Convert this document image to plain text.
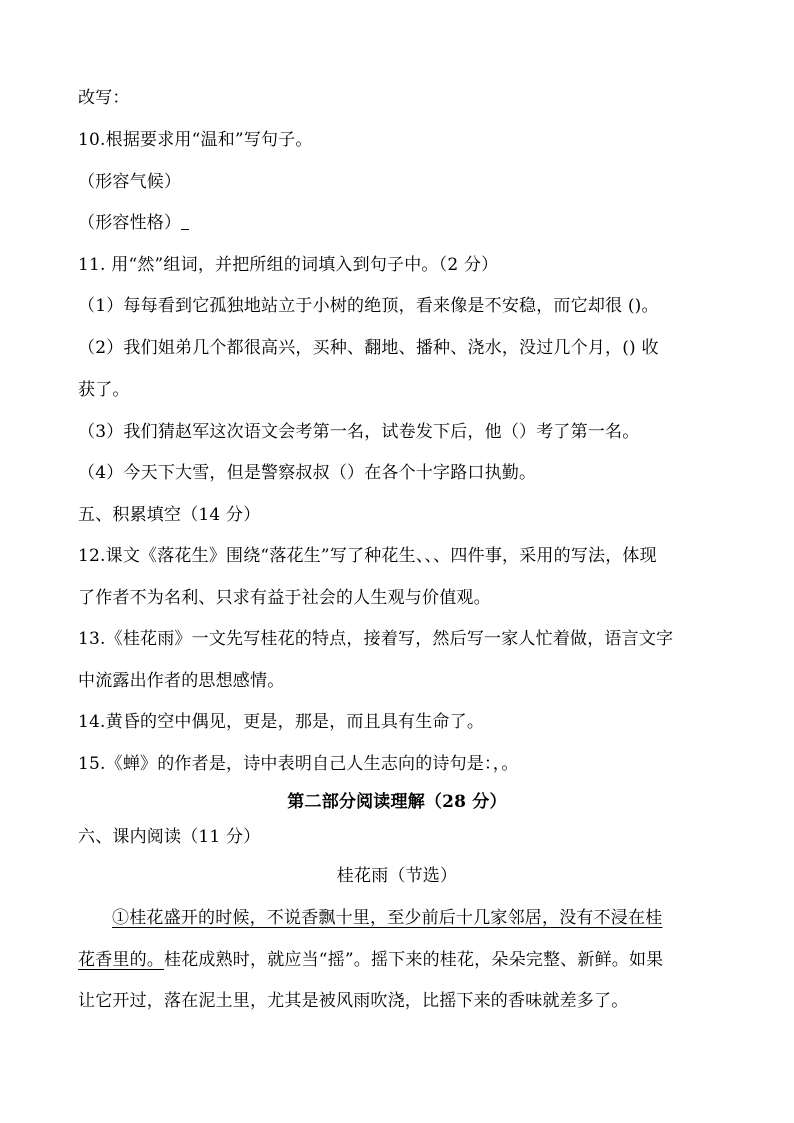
改写：
10.根据要求用“温和”写句子。
（形容气候）
（形容性格）
11. 用“然”组词，并把所组的词填入到句子中。（2 分）
（1）每每看到它孤独地站立于小树的绝顶，看来像是不安稳，而它却很 ()。
（2）我们姐弟几个都很高兴，买种、翻地、播种、浇水，没过几个月，() 收
获了。
（3）我们猜赵军这次语文会考第一名，试卷发下后，他（）考了第一名。
（4）今天下大雪，但是警察叔叔（）在各个十字路口执勤。
五、积累填空（14 分）
12.课文《落花生》围绕“落花生”写了种花生、、、四件事，采用的写法，体现
了作者不为名利、只求有益于社会的人生观与价值观。
13.《桂花雨》一文先写桂花的特点，接着写，然后写一家人忙着做，语言文字
中流露出作者的思想感情。
14.黄昏的空中偶见，更是，那是，而且具有生命了。
15.《蝉》的作者是，诗中表明自己人生志向的诗句是：，。
第二部分阅读理解（28 分）
六、课内阅读（11 分）
桂花雨（节选）
①桂花盛开的时候，不说香飘十里，至少前后十几家邻居，没有不浸在桂
花香里的。桂花成熟时，就应当“摇”。摇下来的桂花，朵朵完整、新鲜。如果
让它开过，落在泥土里，尤其是被风雨吹浇，比摇下来的香味就差多了。
